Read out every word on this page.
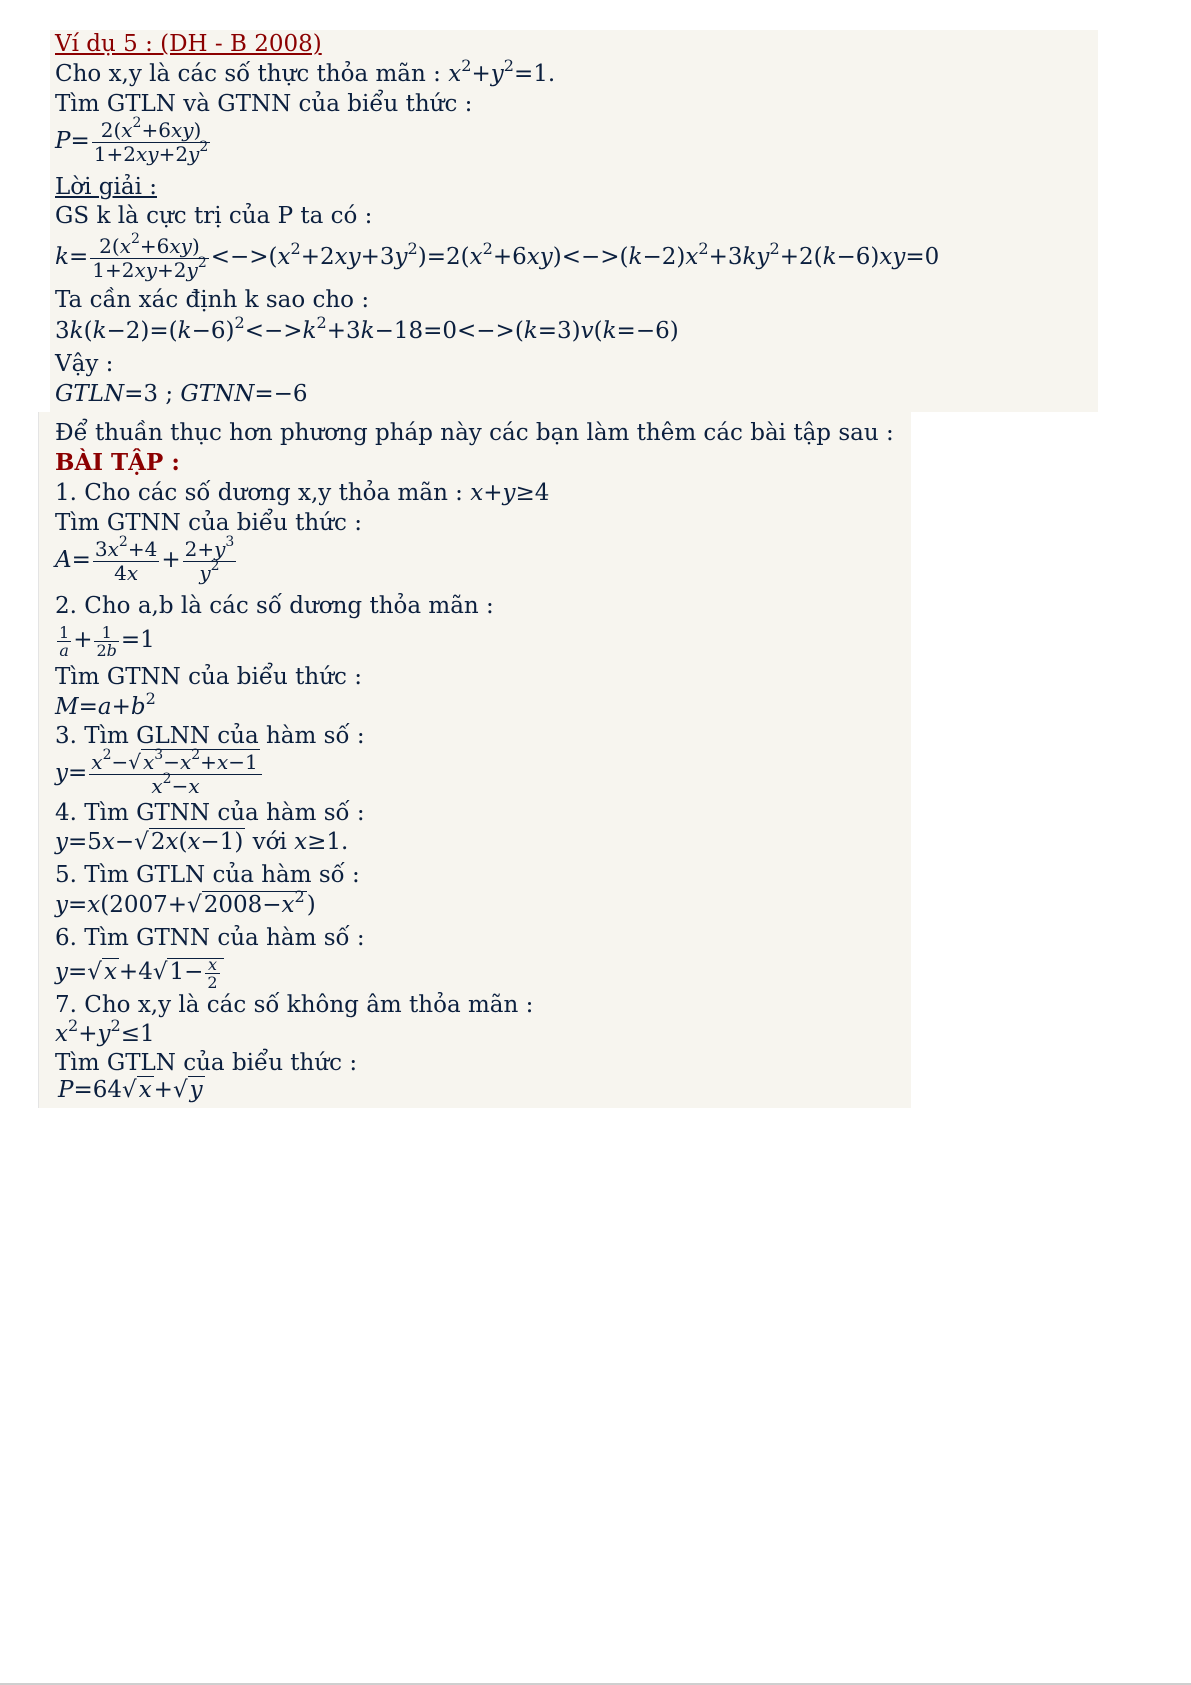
Ví dụ 5 : (DH - B 2008)
Cho x,y là các số thực thỏa mãn : $x^2+y^2=1$.
Tìm GTLN và GTNN của biểu thức :
$P= \frac{2(x^2+6xy)}{1+2xy+2y^2}$
Lời giải :
GS k là cực trị của P ta có :
$k= \frac{2(x^2+6xy)}{1+2xy+2y^2} <->(x^2+2xy+3y^2)=2(x^2+6xy)<->(k-2)x^2+3ky^2+2(k-6)xy=0$
Ta cần xác định k sao cho :
$3k(k-2)=(k-6)^2<->k^2+3k-18=0<->(k=3)v(k=-6)$
Vậy :
GTLN=3 ; GTNN=−6
Để thuần thục hơn phương pháp này các bạn làm thêm các bài tập sau :
BÀI TẬP :
1. Cho các số dương x,y thỏa mãn : x+y≥4
Tìm GTNN của biểu thức :
$A= \frac{3x^2+4}{4x} + \frac{2+y^3}{y^2}$
2. Cho a,b là các số dương thỏa mãn :
$\frac{1}{a} + \frac{1}{2b} =1$
Tìm GTNN của biểu thức :
$M=a+b^2$
3. Tìm GLNN của hàm số :
$y= \frac{x^2-√ x^3-x^2+x-1}{x^2-x}$
4. Tìm GTNN của hàm số :
y=5x−√2x(x−1) với x≥1.
5. Tìm GTLN của hàm số :
$y=x(2007+√2008-x^2)$
6. Tìm GTNN của hàm số :
$y=√x+4√1- \frac{x}{2}$
7. Cho x,y là các số không âm thỏa mãn :
$x^2+y^2\le 1$
Tìm GTLN của biểu thức :
P=64√x+√y
